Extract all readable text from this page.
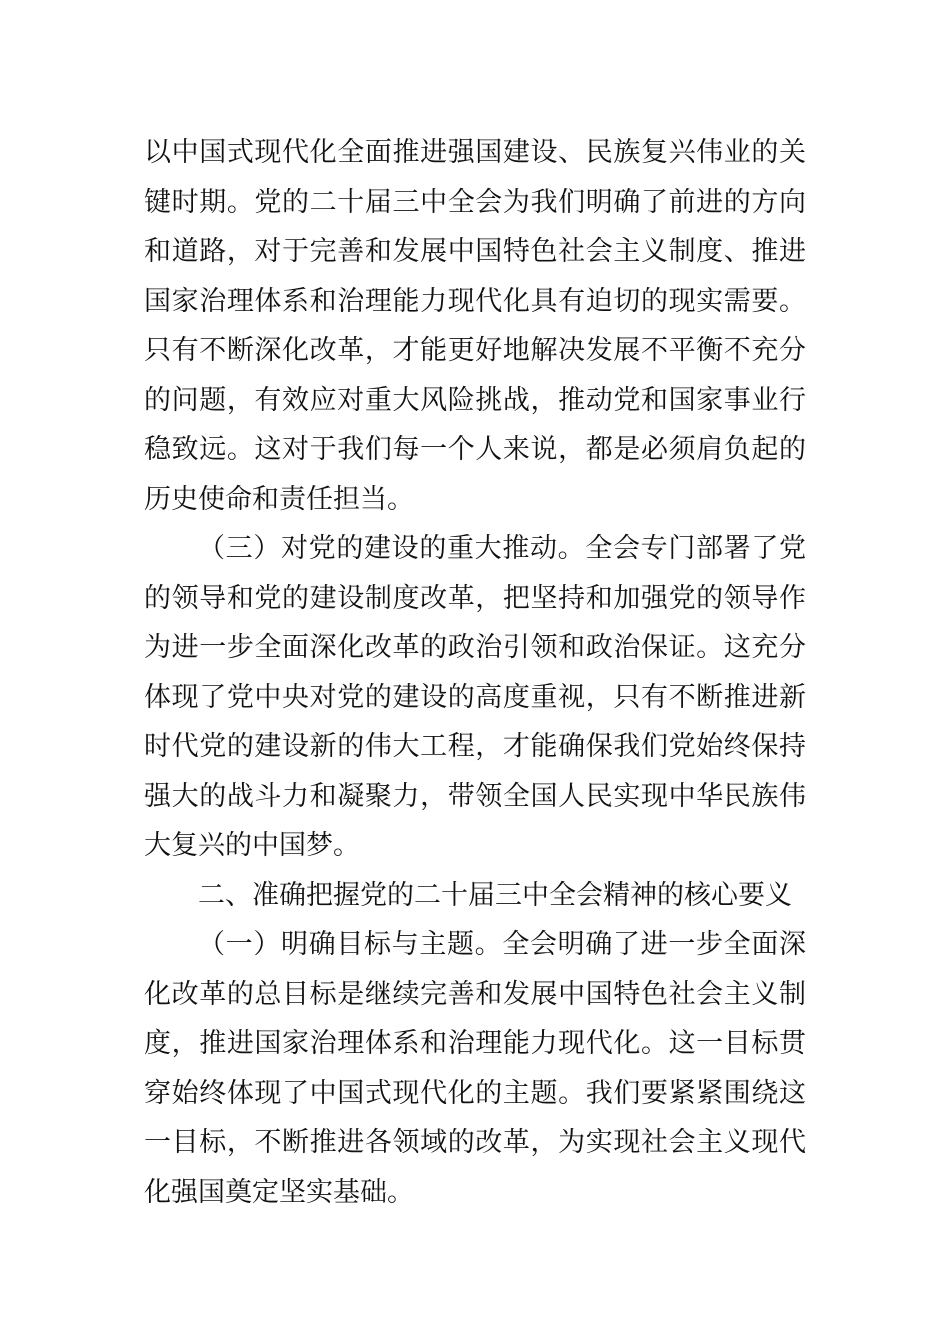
以中国式现代化全面推进强国建设、民族复兴伟业的关键时期。党的二十届三中全会为我们明确了前进的方向和道路，对于完善和发展中国特色社会主义制度、推进国家治理体系和治理能力现代化具有迫切的现实需要。只有不断深化改革，才能更好地解决发展不平衡不充分的问题，有效应对重大风险挑战，推动党和国家事业行稳致远。这对于我们每一个人来说，都是必须肩负起的历史使命和责任担当。

（三）对党的建设的重大推动。全会专门部署了党的领导和党的建设制度改革，把坚持和加强党的领导作为进一步全面深化改革的政治引领和政治保证。这充分体现了党中央对党的建设的高度重视，只有不断推进新时代党的建设新的伟大工程，才能确保我们党始终保持强大的战斗力和凝聚力，带领全国人民实现中华民族伟大复兴的中国梦。

二、准确把握党的二十届三中全会精神的核心要义

（一）明确目标与主题。全会明确了进一步全面深化改革的总目标是继续完善和发展中国特色社会主义制度，推进国家治理体系和治理能力现代化。这一目标贯穿始终体现了中国式现代化的主题。我们要紧紧围绕这一目标，不断推进各领域的改革，为实现社会主义现代化强国奠定坚实基础。
